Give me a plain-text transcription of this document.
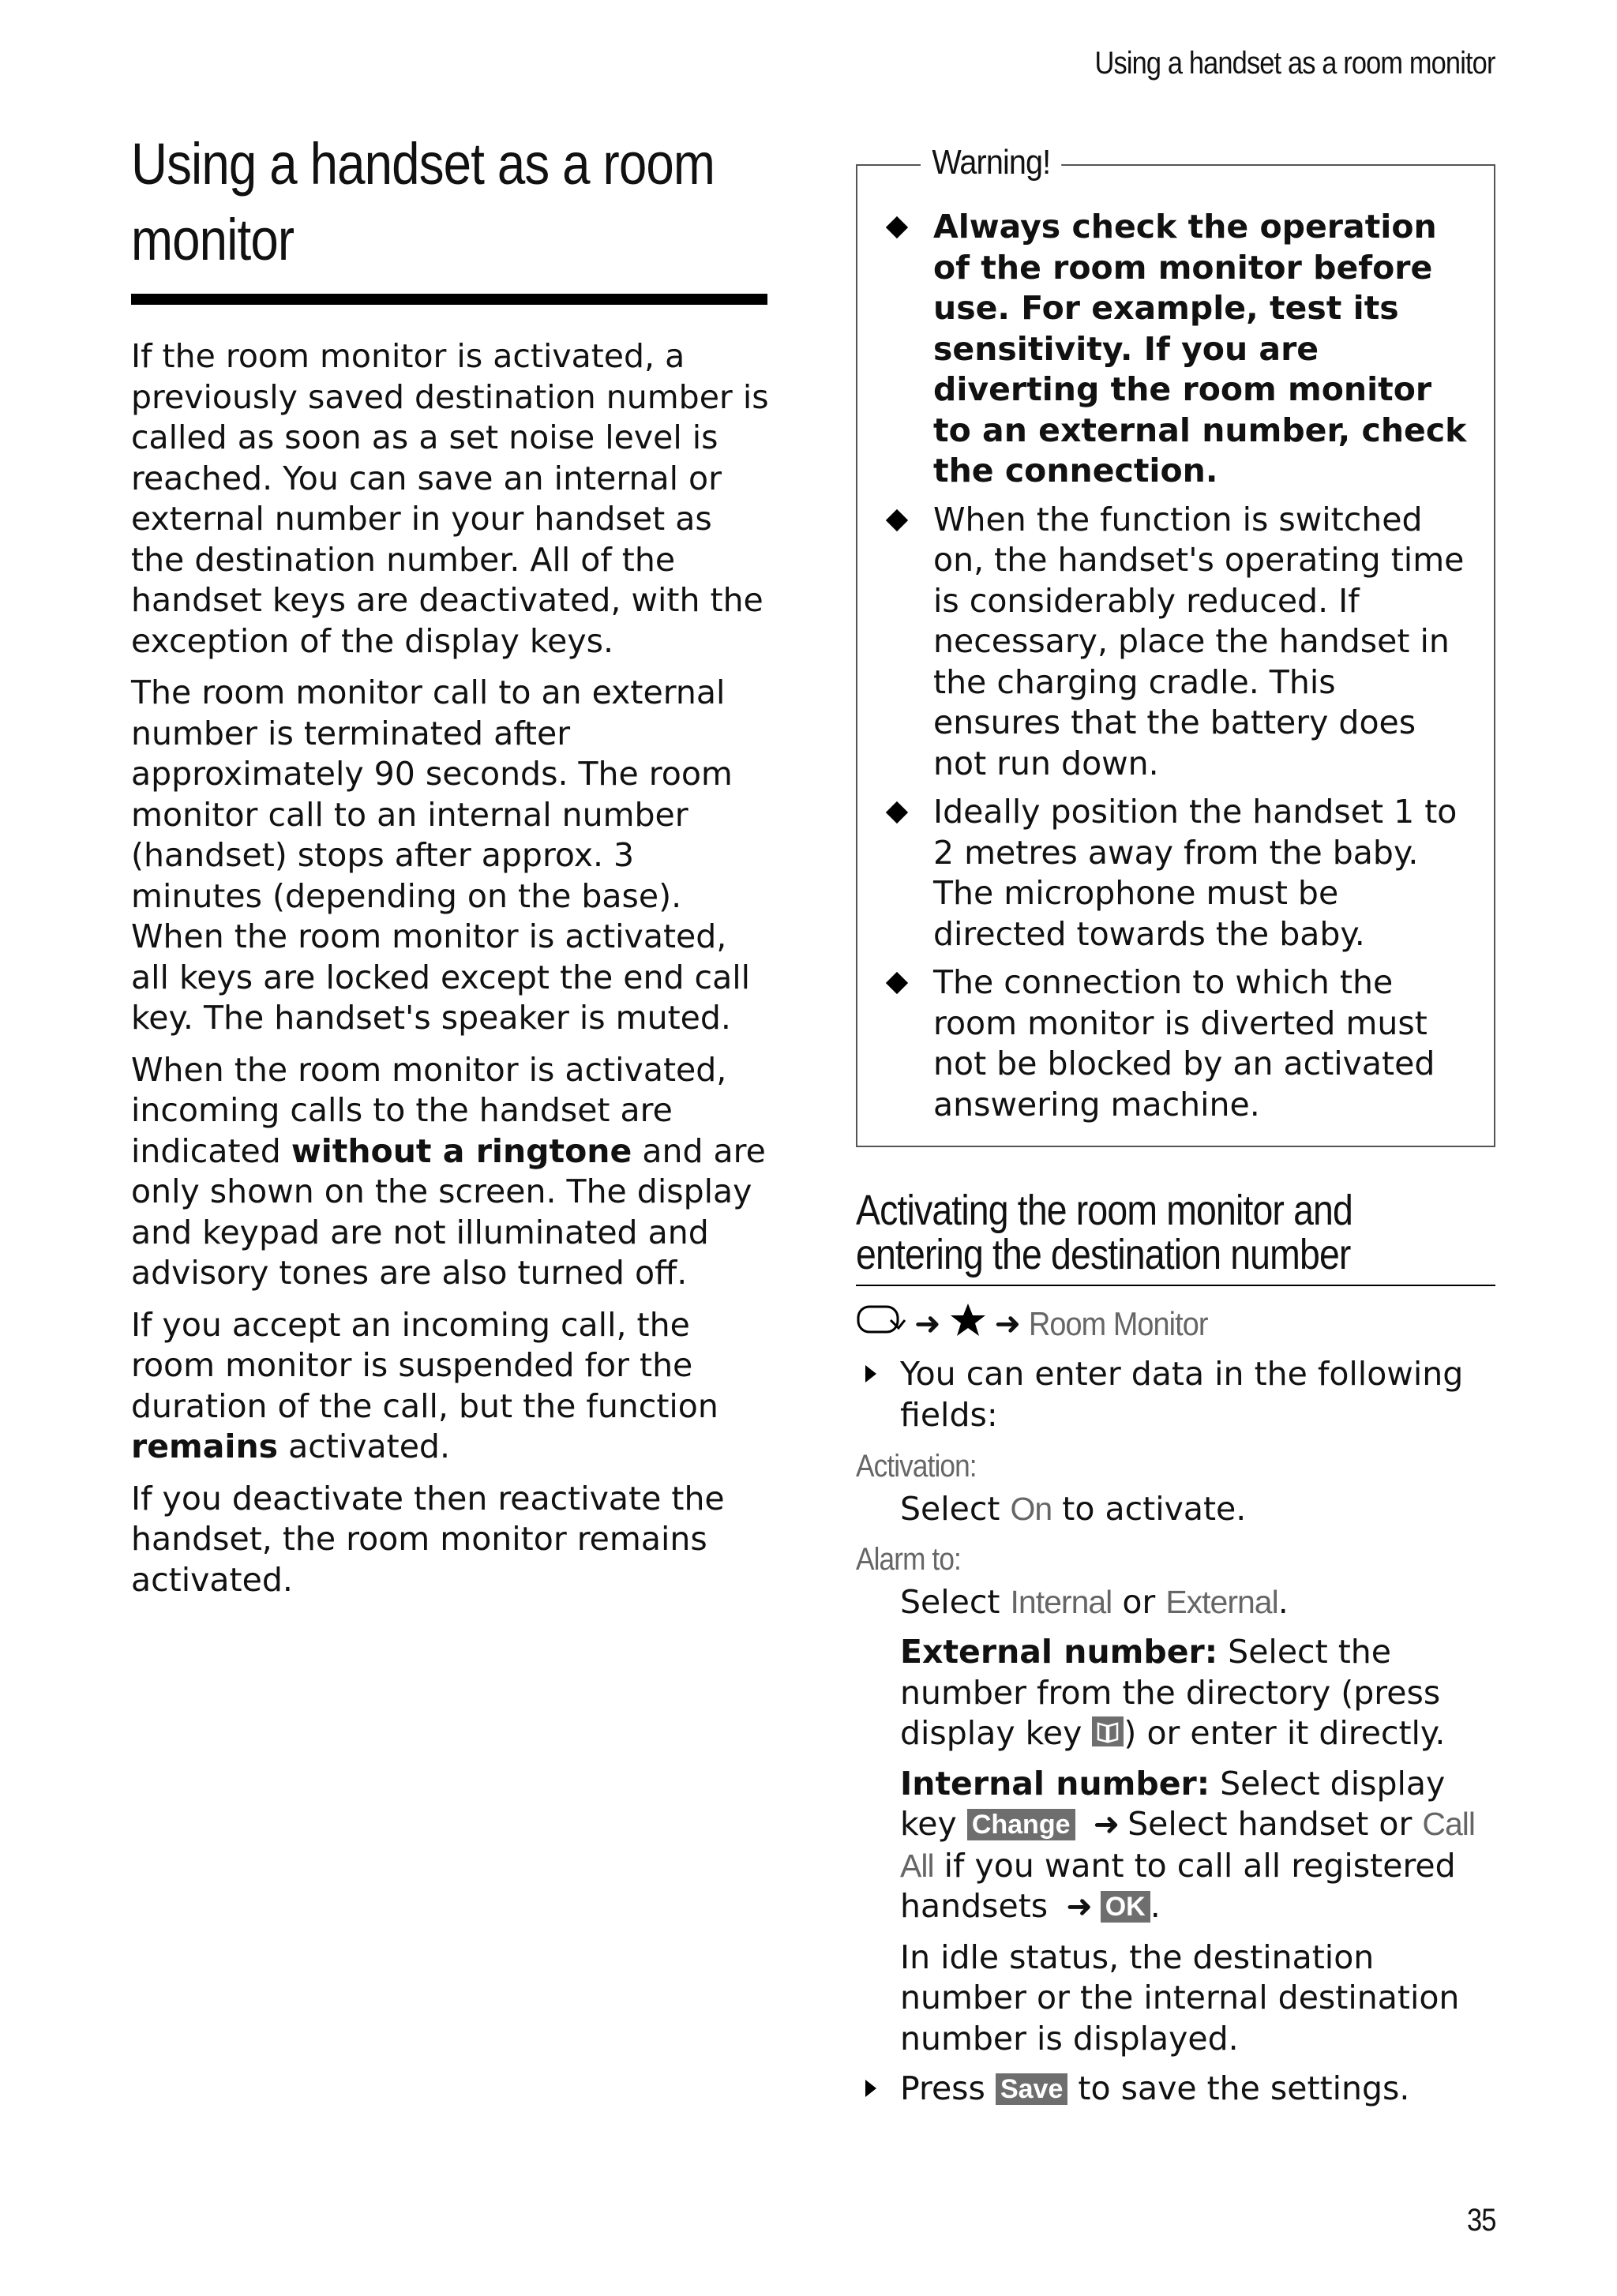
Using a handset as a room monitor
Using a handset as a room monitor

If the room monitor is activated, a previously saved destination number is called as soon as a set noise level is reached. You can save an internal or external number in your handset as the destination number. All of the handset keys are deactivated, with the exception of the display keys.

The room monitor call to an external number is terminated after approximately 90 seconds. The room monitor call to an internal number (handset) stops after approx. 3 minutes (depending on the base). When the room monitor is activated, all keys are locked except the end call key. The handset's speaker is muted.

When the room monitor is activated, incoming calls to the handset are indicated without a ringtone and are only shown on the screen. The display and keypad are not illuminated and advisory tones are also turned off.

If you accept an incoming call, the room monitor is suspended for the duration of the call, but the function remains activated.

If you deactivate then reactivate the handset, the room monitor remains activated.

Warning!
Always check the operation of the room monitor before use. For example, test its sensitivity. If you are diverting the room monitor to an external number, check the connection.
When the function is switched on, the handset's operating time is considerably reduced. If necessary, place the handset in the charging cradle. This ensures that the battery does not run down.
Ideally position the handset 1 to 2 metres away from the baby. The microphone must be directed towards the baby.
The connection to which the room monitor is diverted must not be blocked by an activated answering machine.
Activating the room monitor and entering the destination number
➜ ➜ Room Monitor
You can enter data in the following fields:
Activation:
Select On to activate.
Alarm to:
Select Internal or External.
External number: Select the number from the directory (press display key ) or enter it directly.
Internal number: Select display key Change ➜ Select handset or Call All if you want to call all registered handsets ➜ OK .
In idle status, the destination number or the internal destination number is displayed.
Press Save to save the settings.
35
